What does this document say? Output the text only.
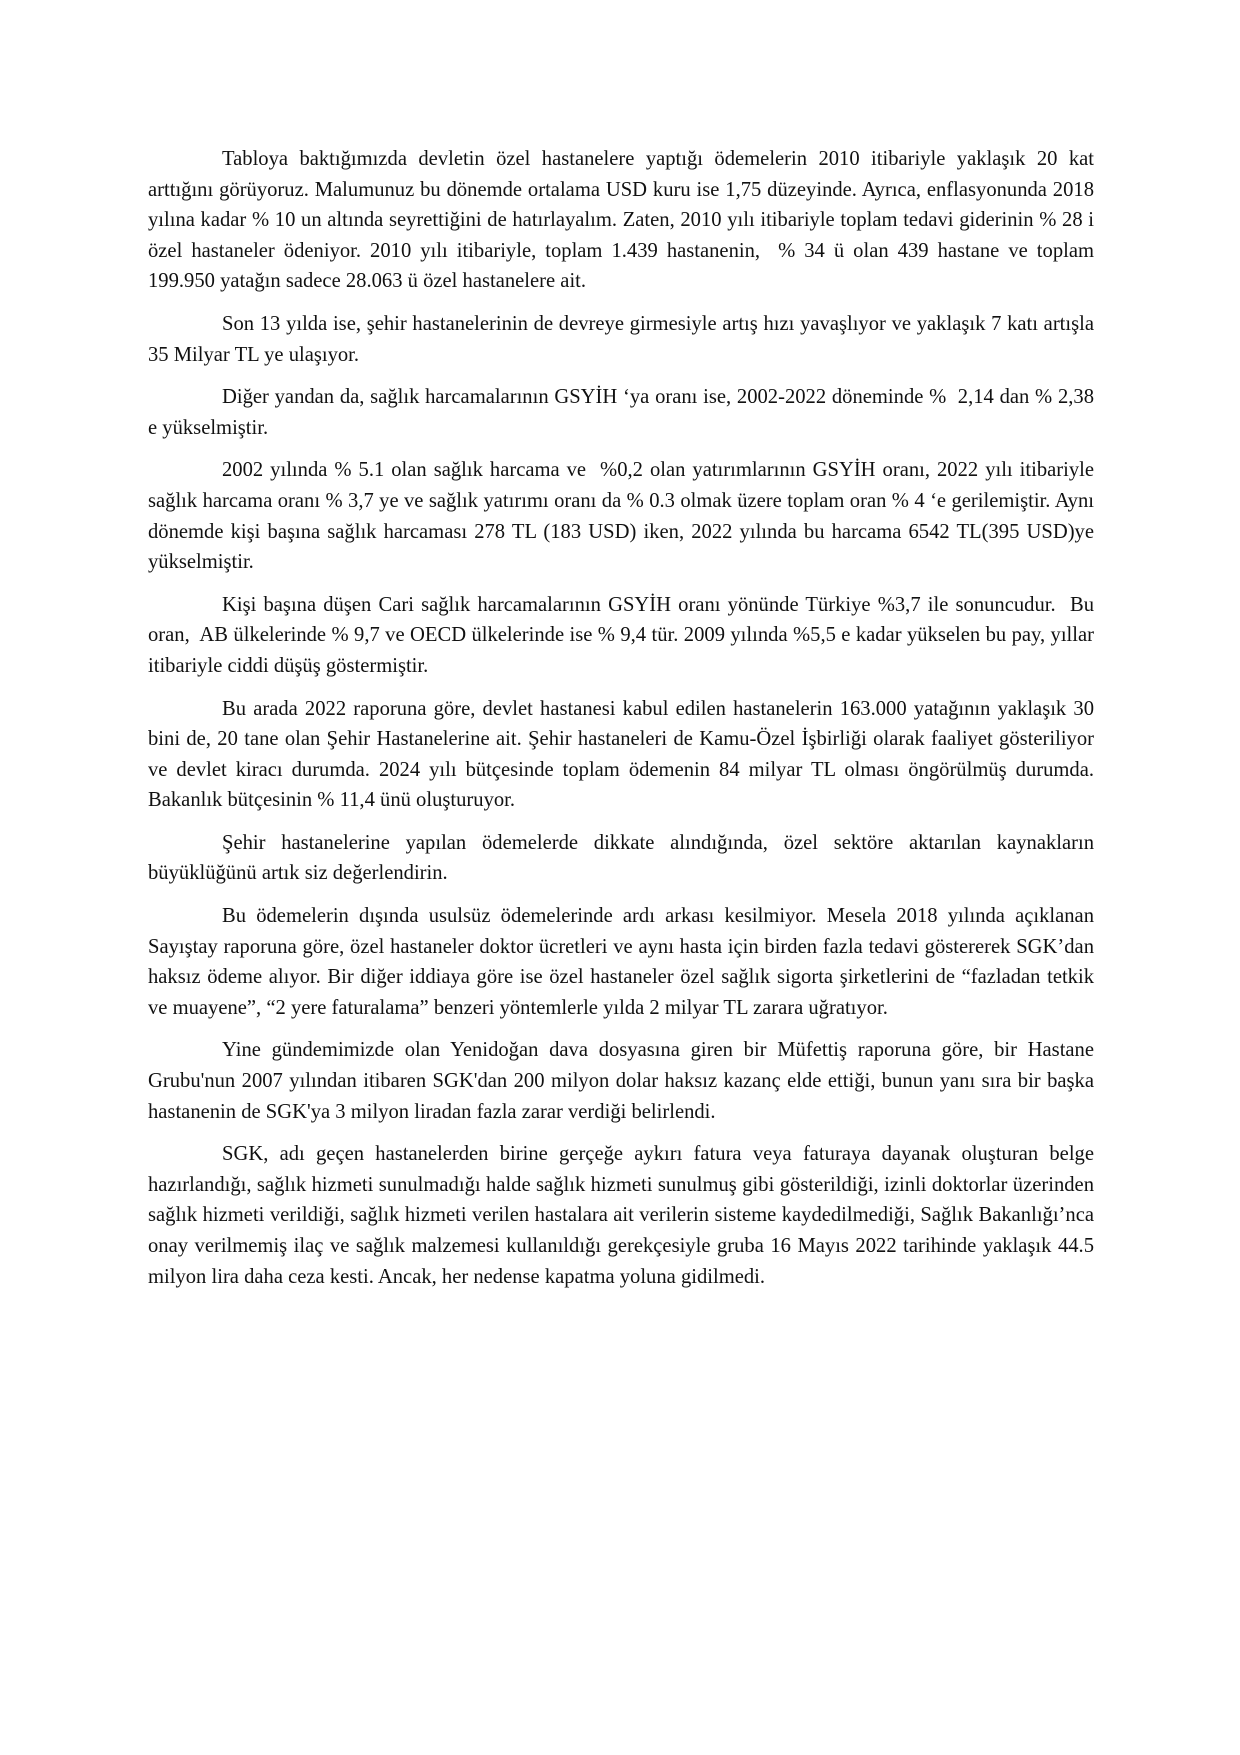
Tabloya baktığımızda devletin özel hastanelere yaptığı ödemelerin 2010 itibariyle yaklaşık 20 kat arttığını görüyoruz. Malumunuz bu dönemde ortalama USD kuru ise 1,75 düzeyinde. Ayrıca, enflasyonunda 2018 yılına kadar % 10 un altında seyrettiğini de hatırlayalım. Zaten, 2010 yılı itibariyle toplam tedavi giderinin % 28 i özel hastaneler ödeniyor. 2010 yılı itibariyle, toplam 1.439 hastanenin,  % 34 ü olan 439 hastane ve toplam 199.950 yatağın sadece 28.063 ü özel hastanelere ait.

Son 13 yılda ise, şehir hastanelerinin de devreye girmesiyle artış hızı yavaşlıyor ve yaklaşık 7 katı artışla 35 Milyar TL ye ulaşıyor.

Diğer yandan da, sağlık harcamalarının GSYİH ‘ya oranı ise, 2002-2022 döneminde %  2,14 dan % 2,38 e yükselmiştir.

2002 yılında % 5.1 olan sağlık harcama ve  %0,2 olan yatırımlarının GSYİH oranı, 2022 yılı itibariyle sağlık harcama oranı % 3,7 ye ve sağlık yatırımı oranı da % 0.3 olmak üzere toplam oran % 4 ‘e gerilemiştir. Aynı dönemde kişi başına sağlık harcaması 278 TL (183 USD) iken, 2022 yılında bu harcama 6542 TL(395 USD)ye yükselmiştir.

Kişi başına düşen Cari sağlık harcamalarının GSYİH oranı yönünde Türkiye %3,7 ile sonuncudur.  Bu oran,  AB ülkelerinde % 9,7 ve OECD ülkelerinde ise % 9,4 tür. 2009 yılında %5,5 e kadar yükselen bu pay, yıllar itibariyle ciddi düşüş göstermiştir.

Bu arada 2022 raporuna göre, devlet hastanesi kabul edilen hastanelerin 163.000 yatağının yaklaşık 30 bini de, 20 tane olan Şehir Hastanelerine ait. Şehir hastaneleri de Kamu-Özel İşbirliği olarak faaliyet gösteriliyor ve devlet kiracı durumda. 2024 yılı bütçesinde toplam ödemenin 84 milyar TL olması öngörülmüş durumda. Bakanlık bütçesinin % 11,4 ünü oluşturuyor.

Şehir hastanelerine yapılan ödemelerde dikkate alındığında, özel sektöre aktarılan kaynakların büyüklüğünü artık siz değerlendirin.

Bu ödemelerin dışında usulsüz ödemelerinde ardı arkası kesilmiyor. Mesela 2018 yılında açıklanan Sayıştay raporuna göre, özel hastaneler doktor ücretleri ve aynı hasta için birden fazla tedavi göstererek SGK’dan haksız ödeme alıyor. Bir diğer iddiaya göre ise özel hastaneler özel sağlık sigorta şirketlerini de “fazladan tetkik ve muayene”, “2 yere faturalama” benzeri yöntemlerle yılda 2 milyar TL zarara uğratıyor.

Yine gündemimizde olan Yenidoğan dava dosyasına giren bir Müfettiş raporuna göre, bir Hastane Grubu'nun 2007 yılından itibaren SGK'dan 200 milyon dolar haksız kazanç elde ettiği, bunun yanı sıra bir başka hastanenin de SGK'ya 3 milyon liradan fazla zarar verdiği belirlendi.

SGK, adı geçen hastanelerden birine gerçeğe aykırı fatura veya faturaya dayanak oluşturan belge hazırlandığı, sağlık hizmeti sunulmadığı halde sağlık hizmeti sunulmuş gibi gösterildiği, izinli doktorlar üzerinden sağlık hizmeti verildiği, sağlık hizmeti verilen hastalara ait verilerin sisteme kaydedilmediği, Sağlık Bakanlığı’nca onay verilmemiş ilaç ve sağlık malzemesi kullanıldığı gerekçesiyle gruba 16 Mayıs 2022 tarihinde yaklaşık 44.5 milyon lira daha ceza kesti. Ancak, her nedense kapatma yoluna gidilmedi.
